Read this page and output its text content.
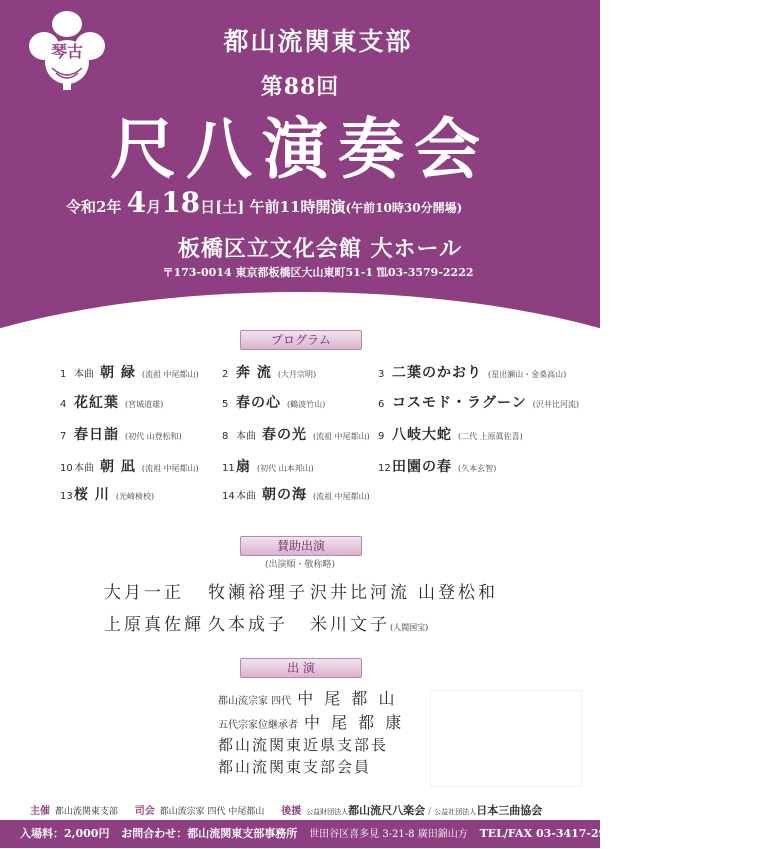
琴古	都山流関東支部
第88回
尺八演奏会
令和2年 4月18日[土] 午前11時開演(午前10時30分開場)
板橋区立文化会館 大ホール
〒173-0014 東京都板橋区大山東町51-1 ℡03-3579-2222
プログラム
1 本曲 朝 緑 (流祖 中尾都山) 2 奔 流 (大月宗明)	3 二葉のかおり (星出瀬山・金桑高山)
4 花紅葉 (宮城道雄)	5 春の心 (鶴波竹山)	6 コスモド・ラグーン (沢井比河流)
7 春日詣 (初代 山登松和)	8 本曲 春の光 (流祖 中尾都山) 9 八岐大蛇 (二代 上原眞佐喜)
10 本曲 朝 凪 (流祖 中尾都山) 11 扇 (初代 山本邦山)	12 田園の春 (久本玄智)
13 桜 川 (光崎検校)	14 本曲 朝の海 (流祖 中尾都山)
賛助出演
(出演順・敬称略)
大月一正 牧瀬裕理子 沢井比河流 山登松和
上原真佐輝 久本成子 米川文子(人間国宝)
出 演
都山流宗家 四代 中 尾 都 山
五代宗家位継承者 中 尾 都 康
都山流関東近県支部長
都山流関東支部会員
主催 都山流関東支部 司会 都山流宗家 四代 中尾都山 後援 公益財団法人都山流尺八楽会 / 公益社団法人日本三曲協会
入場料：2,000円 お問合わせ：都山流関東支部事務所 世田谷区喜多見 3-21-8 廣田錦山方 TEL/FAX 03-3417-2978
